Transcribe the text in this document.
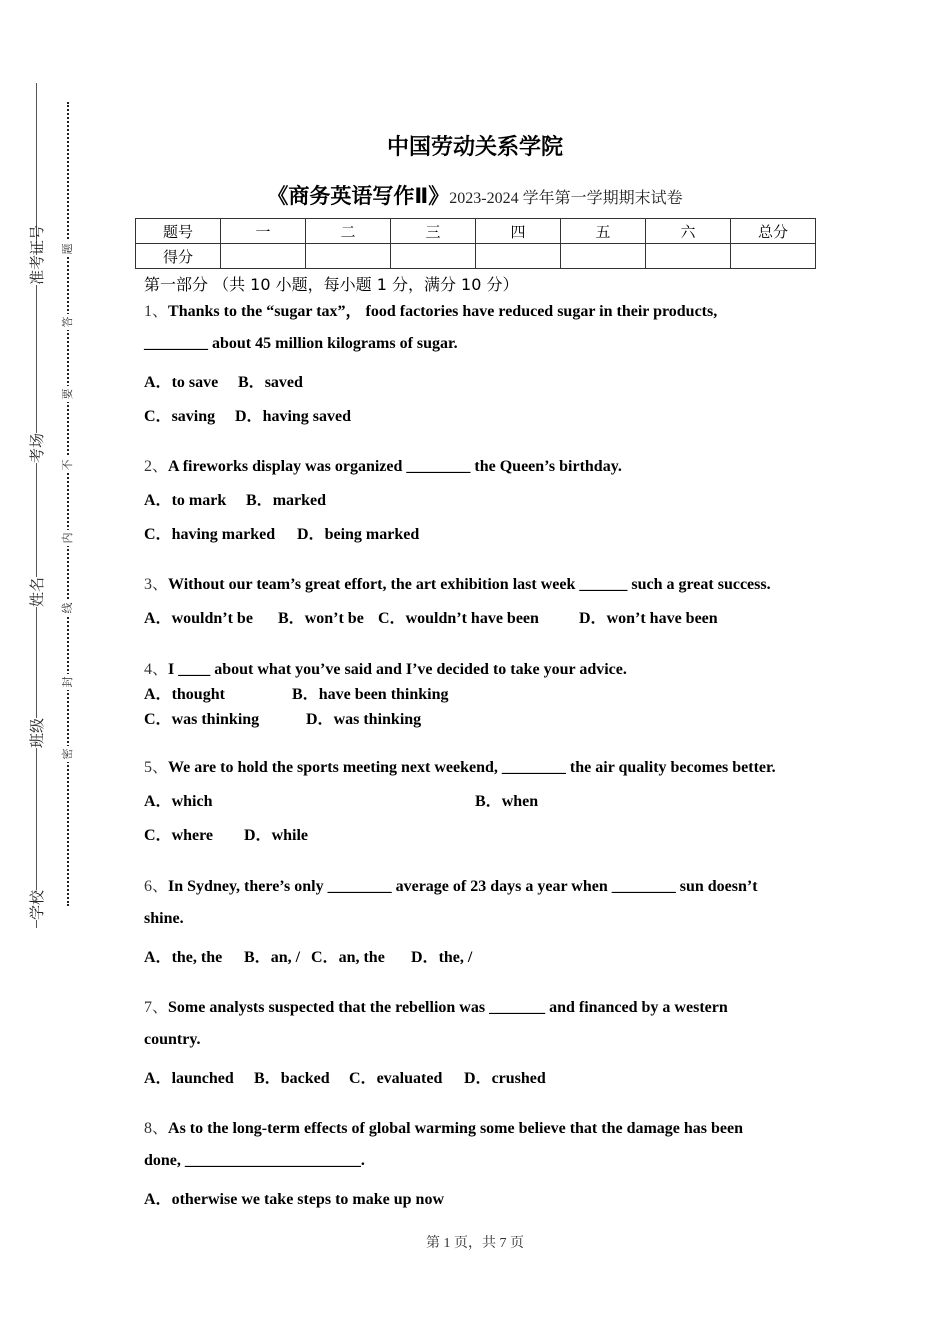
准考证号
考场
姓名
班级
学校
题
答
要
不
内
线
封
密
中国劳动关系学院
《商务英语写作Ⅱ》2023-2024 学年第一学期期末试卷
题号	一	二	三	四	五	六	总分
得分							
第一部分 （共 10 小题，每小题 1 分，满分 10 分）
1、Thanks to the “sugar tax”， food factories have reduced sugar in their products,
________ about 45 million kilograms of sugar.
A．to save B．saved
C．saving D．having saved
2、A fireworks display was organized ________ the Queen’s birthday.
A．to mark B．marked
C．having marked D．being marked
3、Without our team’s great effort, the art exhibition last week ______ such a great success.
A．wouldn’t be B．won’t be C．wouldn’t have been	D．won’t have been
4、I ____ about what you’ve said and I’ve decided to take your advice.
A．thought	B．have been thinking
C．was thinking	D．was thinking
5、We are to hold the sports meeting next weekend, ________ the air quality becomes better.
A．which	B．when
C．where D．while
6、In Sydney, there’s only ________ average of 23 days a year when ________ sun doesn’t
shine.
A．the, the B．an, / C．an, the D．the, /
7、Some analysts suspected that the rebellion was _______ and financed by a western
country.
A．launched B．backed C．evaluated D．crushed
8、As to the long-term effects of global warming some believe that the damage has been
done, ______________________.
A．otherwise we take steps to make up now
第 1 页，共 7 页
